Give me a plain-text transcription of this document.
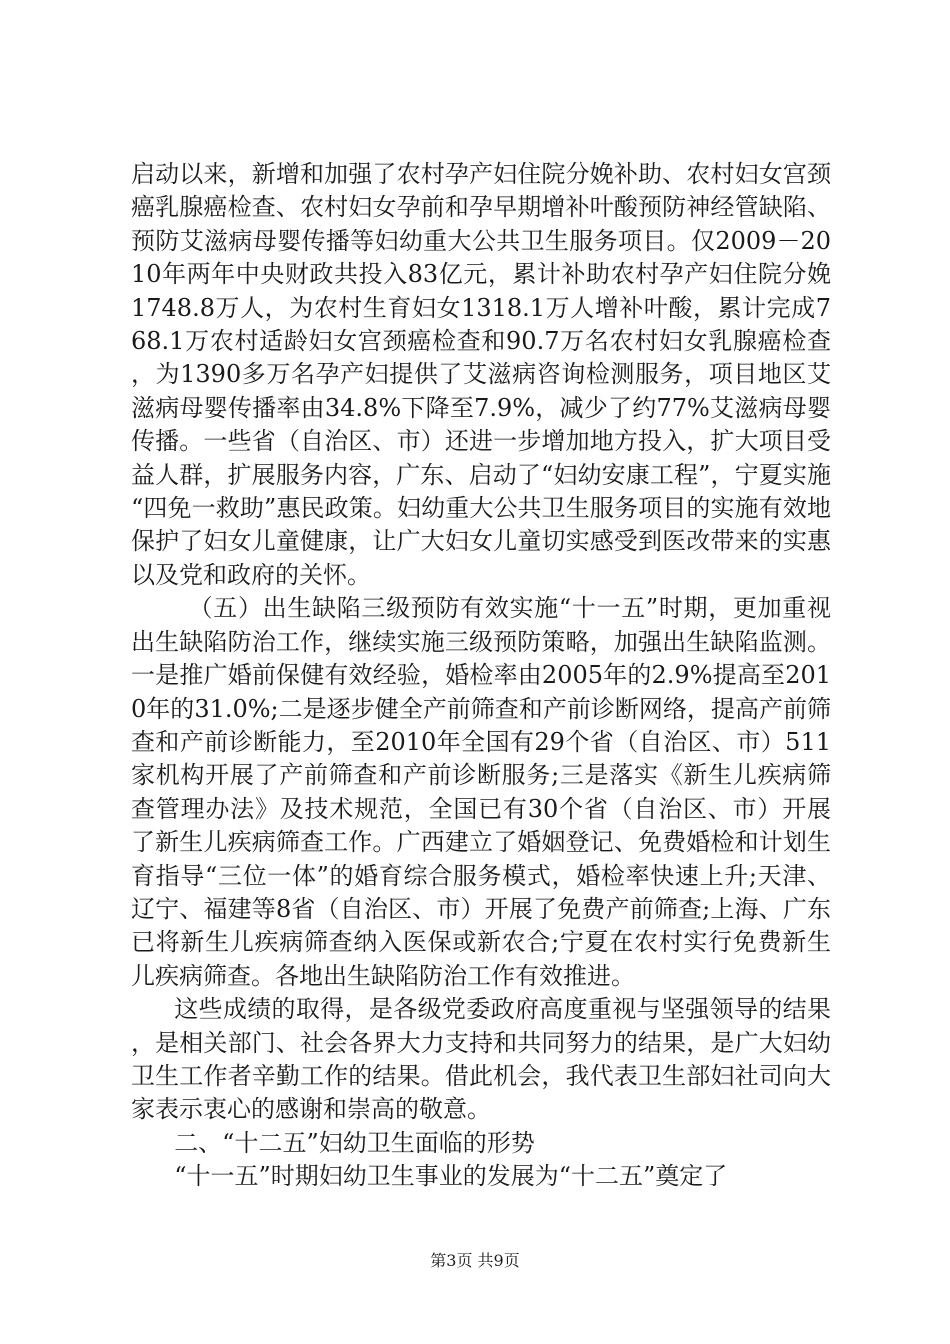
启动以来，新增和加强了农村孕产妇住院分娩补助、农村妇女宫颈癌乳腺癌检查、农村妇女孕前和孕早期增补叶酸预防神经管缺陷、预防艾滋病母婴传播等妇幼重大公共卫生服务项目。仅2009－2010年两年中央财政共投入83亿元，累计补助农村孕产妇住院分娩1748.8万人，为农村生育妇女1318.1万人增补叶酸，累计完成768.1万农村适龄妇女宫颈癌检查和90.7万名农村妇女乳腺癌检查，为1390多万名孕产妇提供了艾滋病咨询检测服务，项目地区艾滋病母婴传播率由34.8%下降至7.9%，减少了约77%艾滋病母婴传播。一些省（自治区、市）还进一步增加地方投入，扩大项目受益人群，扩展服务内容，广东、启动了“妇幼安康工程”，宁夏实施“四免一救助”惠民政策。妇幼重大公共卫生服务项目的实施有效地保护了妇女儿童健康，让广大妇女儿童切实感受到医改带来的实惠以及党和政府的关怀。

（五）出生缺陷三级预防有效实施“十一五”时期，更加重视出生缺陷防治工作，继续实施三级预防策略，加强出生缺陷监测。一是推广婚前保健有效经验，婚检率由2005年的2.9%提高至2010年的31.0%;二是逐步健全产前筛查和产前诊断网络，提高产前筛查和产前诊断能力，至2010年全国有29个省（自治区、市）511家机构开展了产前筛查和产前诊断服务;三是落实《新生儿疾病筛查管理办法》及技术规范，全国已有30个省（自治区、市）开展了新生儿疾病筛查工作。广西建立了婚姻登记、免费婚检和计划生育指导“三位一体”的婚育综合服务模式，婚检率快速上升;天津、辽宁、福建等8省（自治区、市）开展了免费产前筛查;上海、广东已将新生儿疾病筛查纳入医保或新农合;宁夏在农村实行免费新生儿疾病筛查。各地出生缺陷防治工作有效推进。

这些成绩的取得，是各级党委政府高度重视与坚强领导的结果，是相关部门、社会各界大力支持和共同努力的结果，是广大妇幼卫生工作者辛勤工作的结果。借此机会，我代表卫生部妇社司向大家表示衷心的感谢和崇高的敬意。

二、“十二五”妇幼卫生面临的形势

“十一五”时期妇幼卫生事业的发展为“十二五”奠定了

第3页 共9页
